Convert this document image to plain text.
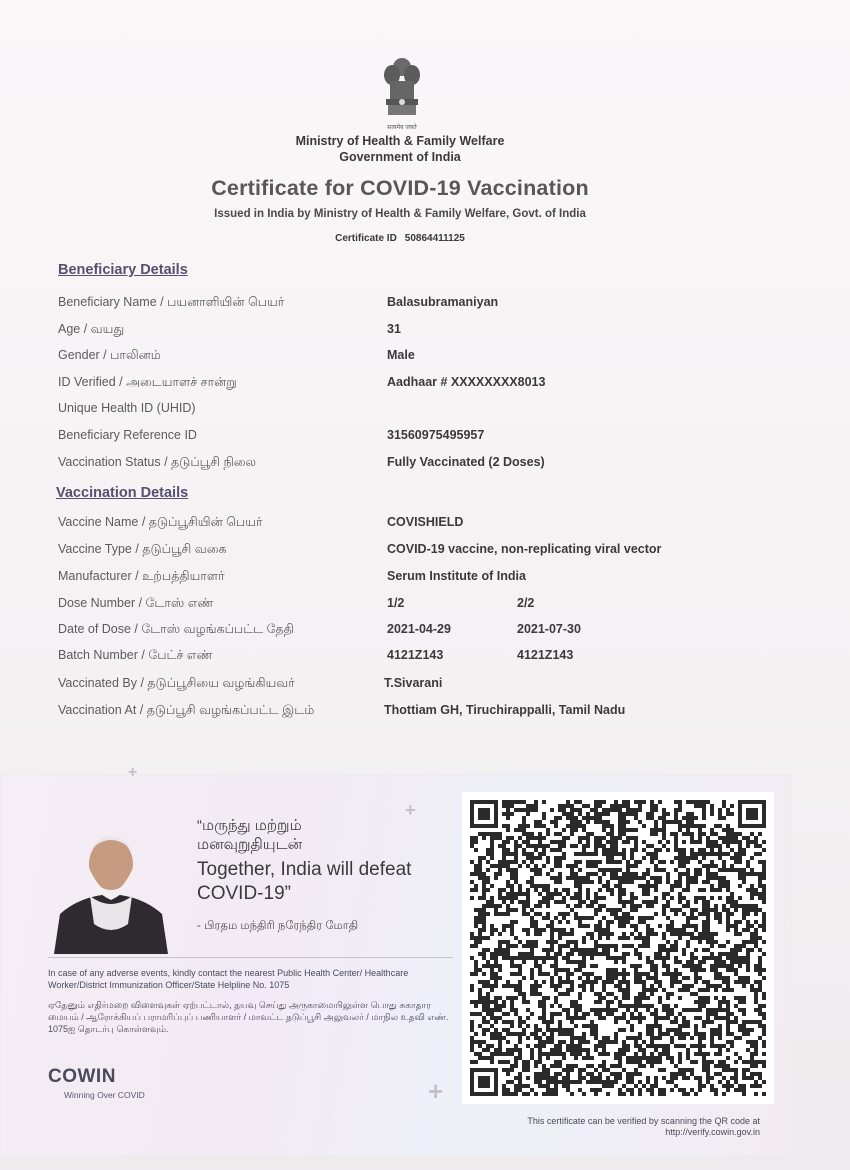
सत्यमेव जयते
Ministry of Health & Family Welfare
Government of India
Certificate for COVID-19 Vaccination
Issued in India by Ministry of Health & Family Welfare, Govt. of India
Certificate ID 50864411125
Beneficiary Details
Beneficiary Name / பயனாளியின் பெயர்	Balasubramaniyan
Age / வயது	31
Gender / பாலினம்	Male
ID Verified / அடையாளச் சான்று	Aadhaar # XXXXXXXX8013
Unique Health ID (UHID)
Beneficiary Reference ID	31560975495957
Vaccination Status / தடுப்பூசி நிலை	Fully Vaccinated (2 Doses)
Vaccination Details
Vaccine Name / தடுப்பூசியின் பெயர்	COVISHIELD
Vaccine Type / தடுப்பூசி வகை	COVID-19 vaccine, non-replicating viral vector
Manufacturer / உற்பத்தியாளர்	Serum Institute of India
Dose Number / டோஸ் எண்	1/2	2/2
Date of Dose / டோஸ் வழங்கப்பட்ட தேதி	2021-04-29	2021-07-30
Batch Number / பேட்ச் எண்	4121Z143	4121Z143
Vaccinated By / தடுப்பூசியை வழங்கியவர்	T.Sivarani
Vaccination At / தடுப்பூசி வழங்கப்பட்ட இடம்	Thottiam GH, Tiruchirappalli, Tamil Nadu
+
+
+
“மருந்து மற்றும்
மனவுறுதியுடன்
Together, India will defeat
COVID-19”
- பிரதம மந்திரி நரேந்திர மோதி
In case of any adverse events, kindly contact the nearest Public Health Center/ Healthcare Worker/District Immunization Officer/State Helpline No. 1075
ஏதேனும் எதிர்மறை விளைவுகள் ஏற்பட்டால், தயவு செய்து அருகாமையிலுள்ள பொது சுகாதார மையம் / ஆரோக்கியப் பராமரிப்புப் பணியாளர் / மாவட்ட தடுப்பூசி அலுவலர் / மாநில உதவி எண். 1075ஐ தொடர்பு கொள்ளவும்.
COWIN
Winning Over COVID
This certificate can be verified by scanning the QR code at
http://verify.cowin.gov.in
